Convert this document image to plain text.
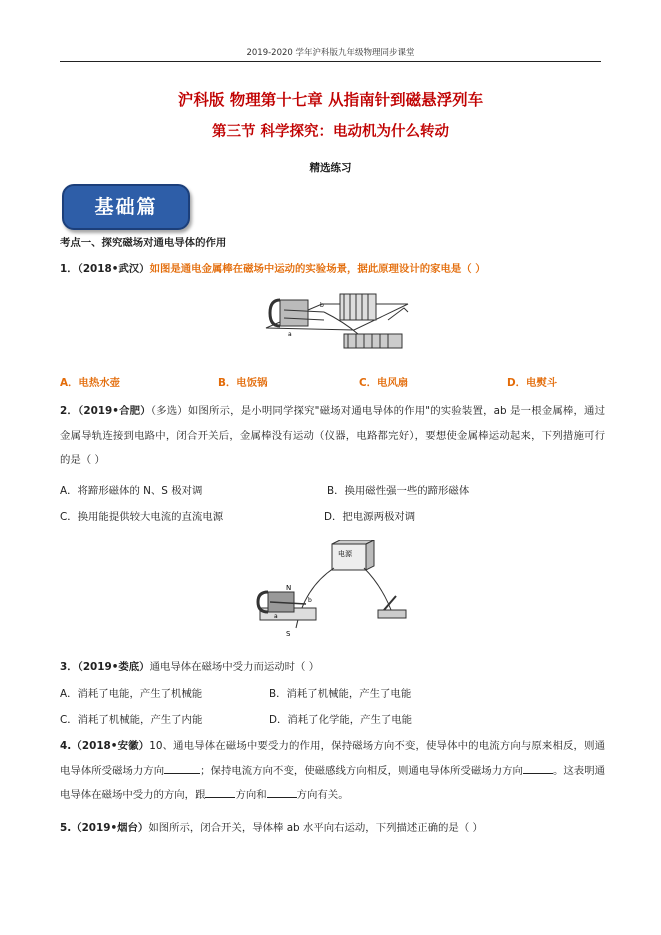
2019-2020 学年沪科版九年级物理同步课堂
沪科版 物理第十七章 从指南针到磁悬浮列车
第三节 科学探究：电动机为什么转动
精选练习
基础篇
考点一、探究磁场对通电导体的作用
1．（2018•武汉）如图是通电金属棒在磁场中运动的实验场景，据此原理设计的家电是（ ）
b
a
A．电热水壶	B．电饭锅	C．电风扇	D．电熨斗
2．（2019•合肥）（多选）如图所示，是小明同学探究"磁场对通电导体的作用"的实验装置，ab 是一根金属棒，通过金属导轨连接到电路中，闭合开关后，金属棒没有运动（仪器，电路都完好），要想使金属棒运动起来，下列措施可行的是（ ）
A．将蹄形磁体的 N、S 极对调	B．换用磁性强一些的蹄形磁体
C．换用能提供较大电流的直流电源	D．把电源两极对调
电源
N
S
b
a
3．（2019•娄底）通电导体在磁场中受力而运动时（ ）
A．消耗了电能，产生了机械能	B．消耗了机械能，产生了电能
C．消耗了机械能，产生了内能	D．消耗了化学能，产生了电能
4.（2018•安徽）10、通电导体在磁场中要受力的作用，保持磁场方向不变，使导体中的电流方向与原来相反，则通电导体所受磁场力方向	；保持电流方向不变，使磁感线方向相反，则通电导体所受磁场力方向	。这表明通电导体在磁场中受力的方向，跟	方向和	方向有关。
5.（2019•烟台）如图所示，闭合开关，导体棒 ab 水平向右运动，下列描述正确的是（ ）
